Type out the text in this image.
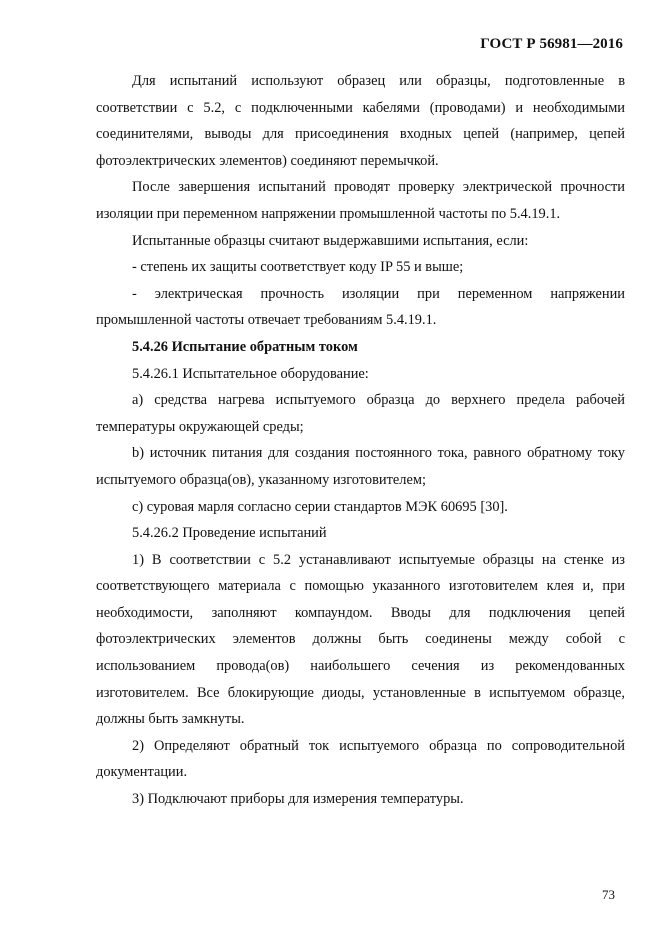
ГОСТ Р 56981—2016

Для испытаний используют образец или образцы, подготовленные в соответствии с 5.2, с подключенными кабелями (проводами) и необходимыми соединителями, выводы для присоединения входных цепей (например, цепей фотоэлектрических элементов) соединяют перемычкой.

После завершения испытаний проводят проверку электрической прочности изоляции при переменном напряжении промышленной частоты по 5.4.19.1.

Испытанные образцы считают выдержавшими испытания, если:

- степень их защиты соответствует коду IP 55 и выше;

- электрическая прочность изоляции при переменном напряжении промышленной частоты отвечает требованиям 5.4.19.1.

5.4.26 Испытание обратным током

5.4.26.1 Испытательное оборудование:

а) средства нагрева испытуемого образца до верхнего предела рабочей температуры окружающей среды;

b) источник питания для создания постоянного тока, равного обратному току испытуемого образца(ов), указанному изготовителем;

с) суровая марля согласно серии стандартов МЭК 60695 [30].

5.4.26.2 Проведение испытаний

1) В соответствии с 5.2 устанавливают испытуемые образцы на стенке из соответствующего материала с помощью указанного изготовителем клея и, при необходимости, заполняют компаундом. Вводы для подключения цепей фотоэлектрических элементов должны быть соединены между собой с использованием провода(ов) наибольшего сечения из рекомендованных изготовителем. Все блокирующие диоды, установленные в испытуемом образце, должны быть замкнуты.

2) Определяют обратный ток испытуемого образца по сопроводительной документации.

3) Подключают приборы для измерения температуры.

73
